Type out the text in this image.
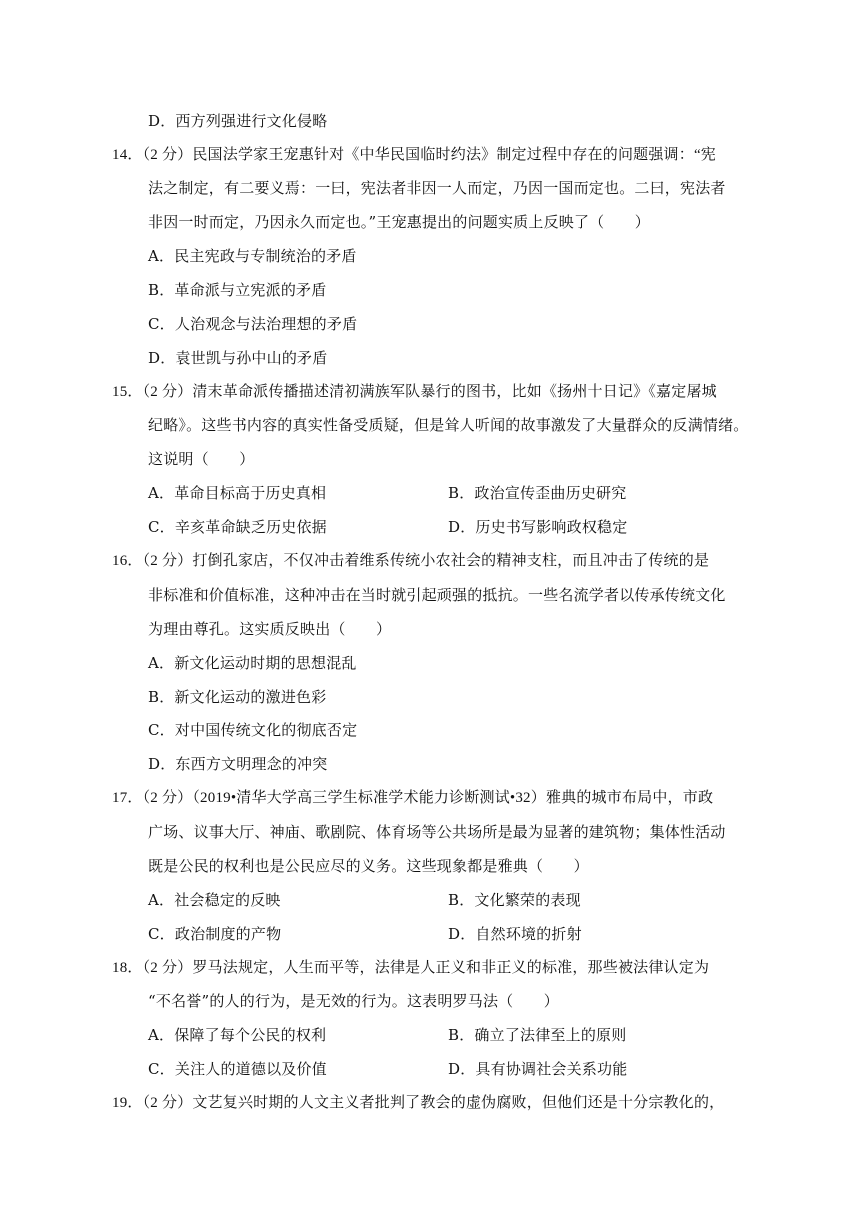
D．西方列强进行文化侵略
14．（2 分）民国法学家王宠惠针对《中华民国临时约法》制定过程中存在的问题强调：“宪
法之制定，有二要义焉：一曰，宪法者非因一人而定，乃因一国而定也。二曰，宪法者
非因一时而定，乃因永久而定也。”王宠惠提出的问题实质上反映了（　　）
A．民主宪政与专制统治的矛盾
B．革命派与立宪派的矛盾
C．人治观念与法治理想的矛盾
D．袁世凯与孙中山的矛盾
15．（2 分）清末革命派传播描述清初满族军队暴行的图书，比如《扬州十日记》《嘉定屠城
纪略》。这些书内容的真实性备受质疑，但是耸人听闻的故事激发了大量群众的反满情绪。
这说明（　　）
A．革命目标高于历史真相	B．政治宣传歪曲历史研究
C．辛亥革命缺乏历史依据	D．历史书写影响政权稳定
16．（2 分）打倒孔家店，不仅冲击着维系传统小农社会的精神支柱，而且冲击了传统的是
非标准和价值标准，这种冲击在当时就引起顽强的抵抗。一些名流学者以传承传统文化
为理由尊孔。这实质反映出（　　）
A．新文化运动时期的思想混乱
B．新文化运动的激进色彩
C．对中国传统文化的彻底否定
D．东西方文明理念的冲突
17．（2 分）（2019•清华大学高三学生标准学术能力诊断测试•32）雅典的城市布局中，市政
广场、议事大厅、神庙、歌剧院、体育场等公共场所是最为显著的建筑物；集体性活动
既是公民的权利也是公民应尽的义务。这些现象都是雅典（　　）
A．社会稳定的反映	B．文化繁荣的表现
C．政治制度的产物	D．自然环境的折射
18．（2 分）罗马法规定，人生而平等，法律是人正义和非正义的标准，那些被法律认定为
“不名誉”的人的行为，是无效的行为。这表明罗马法（　　）
A．保障了每个公民的权利	B．确立了法律至上的原则
C．关注人的道德以及价值	D．具有协调社会关系功能
19．（2 分）文艺复兴时期的人文主义者批判了教会的虚伪腐败，但他们还是十分宗教化的，
